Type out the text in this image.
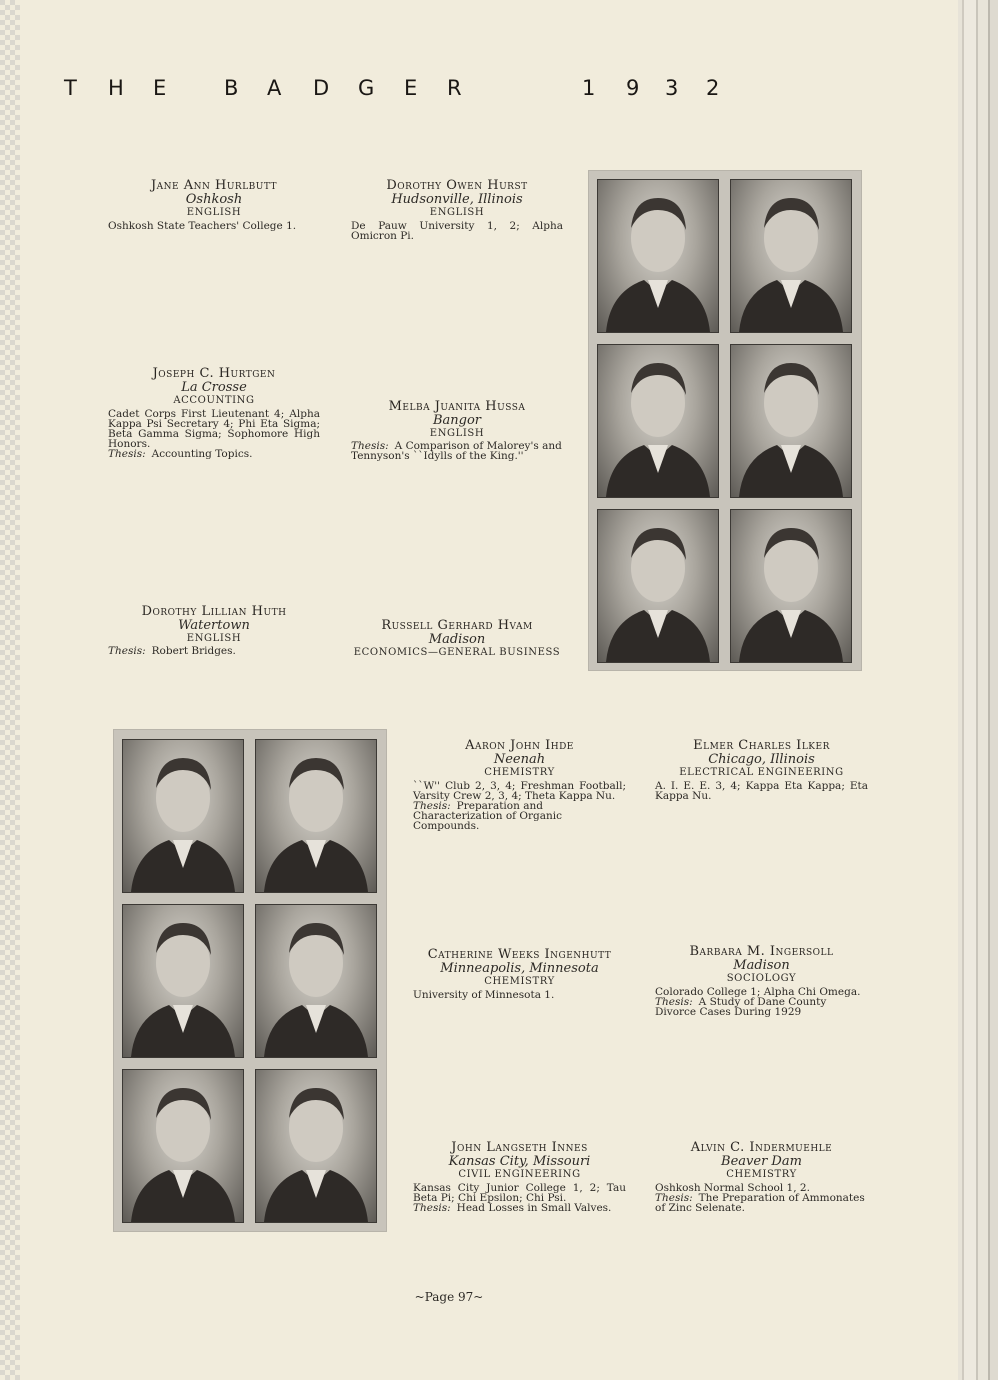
T H E	B A D G E R	1 9 3 2
Jane Ann Hurlbutt
Oshkosh
ENGLISH
Oshkosh State Teachers' College 1.
Dorothy Owen Hurst
Hudsonville, Illinois
ENGLISH
De Pauw University 1, 2; Alpha Omicron Pi.
Joseph C. Hurtgen
La Crosse
ACCOUNTING
Cadet Corps First Lieutenant 4; Alpha Kappa Psi Secretary 4; Phi Eta Sigma; Beta Gamma Sigma; Sophomore High Honors.
Thesis: Accounting Topics.
Melba Juanita Hussa
Bangor
ENGLISH
Thesis: A Comparison of Malorey's and Tennyson's ``Idylls of the King.''
Dorothy Lillian Huth
Watertown
ENGLISH
Thesis: Robert Bridges.
Russell Gerhard Hvam
Madison
ECONOMICS—GENERAL BUSINESS
Aaron John Ihde
Neenah
CHEMISTRY
``W'' Club 2, 3, 4; Freshman Football; Varsity Crew 2, 3, 4; Theta Kappa Nu.
Thesis: Preparation and Characterization of Organic Compounds.
Elmer Charles Ilker
Chicago, Illinois
ELECTRICAL ENGINEERING
A. I. E. E. 3, 4; Kappa Eta Kappa; Eta Kappa Nu.
Catherine Weeks Ingenhutt
Minneapolis, Minnesota
CHEMISTRY
University of Minnesota 1.
Barbara M. Ingersoll
Madison
SOCIOLOGY
Colorado College 1; Alpha Chi Omega.
Thesis: A Study of Dane County Divorce Cases During 1929
John Langseth Innes
Kansas City, Missouri
CIVIL ENGINEERING
Kansas City Junior College 1, 2; Tau Beta Pi; Chi Epsilon; Chi Psi.
Thesis: Head Losses in Small Valves.
Alvin C. Indermuehle
Beaver Dam
CHEMISTRY
Oshkosh Normal School 1, 2.
Thesis: The Preparation of Ammonates of Zinc Selenate.
~Page 97~
